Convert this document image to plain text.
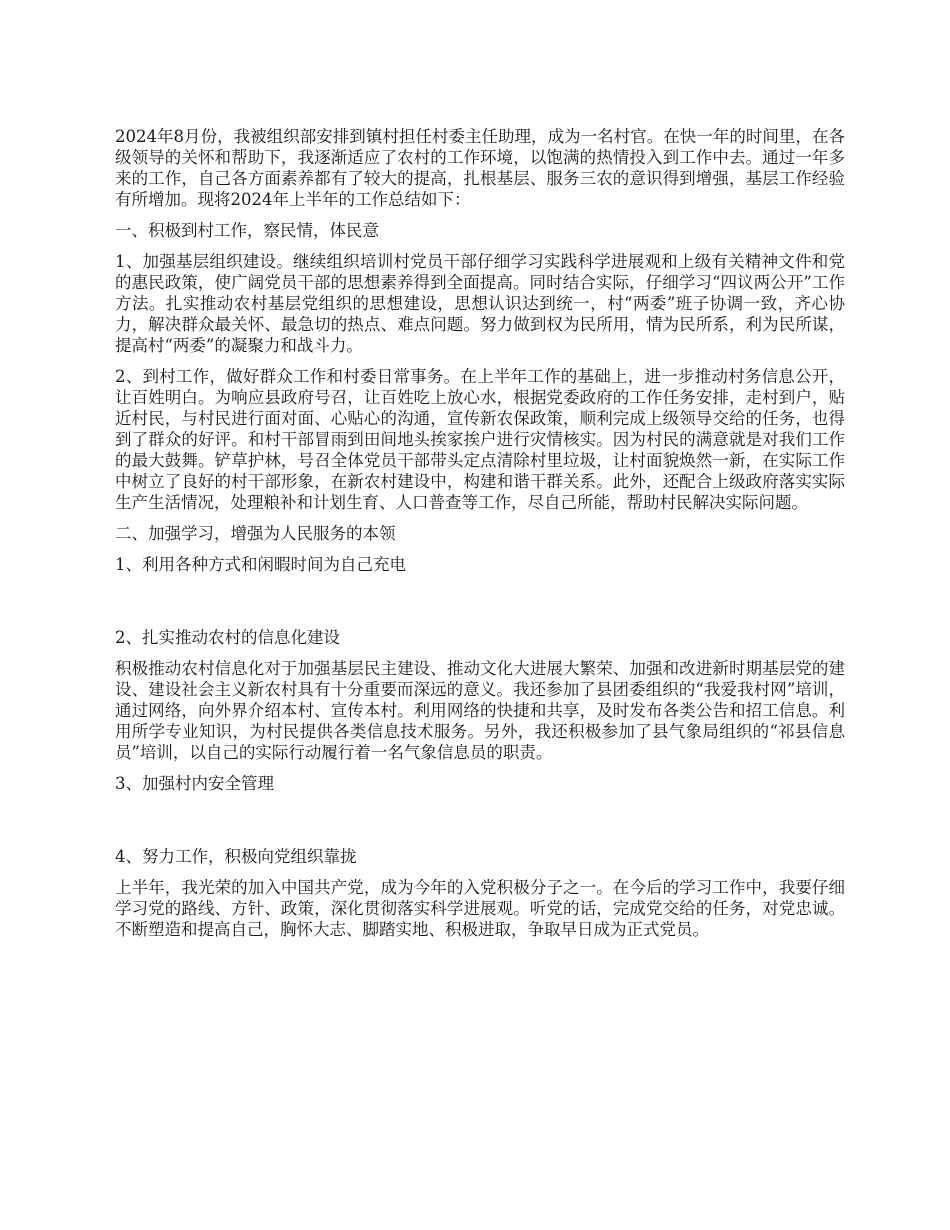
2024年8月份，我被组织部安排到镇村担任村委主任助理，成为一名村官。在快一年的时间里，在各级领导的关怀和帮助下，我逐渐适应了农村的工作环境，以饱满的热情投入到工作中去。通过一年多来的工作，自己各方面素养都有了较大的提高，扎根基层、服务三农的意识得到增强，基层工作经验有所增加。现将2024年上半年的工作总结如下：

一、积极到村工作，察民情，体民意

1、加强基层组织建设。继续组织培训村党员干部仔细学习实践科学进展观和上级有关精神文件和党的惠民政策，使广阔党员干部的思想素养得到全面提高。同时结合实际，仔细学习“四议两公开”工作方法。扎实推动农村基层党组织的思想建设，思想认识达到统一，村“两委”班子协调一致，齐心协力，解决群众最关怀、最急切的热点、难点问题。努力做到权为民所用，情为民所系，利为民所谋，提高村“两委”的凝聚力和战斗力。

2、到村工作，做好群众工作和村委日常事务。在上半年工作的基础上，进一步推动村务信息公开，让百姓明白。为响应县政府号召，让百姓吃上放心水，根据党委政府的工作任务安排，走村到户，贴近村民，与村民进行面对面、心贴心的沟通，宣传新农保政策，顺利完成上级领导交给的任务，也得到了群众的好评。和村干部冒雨到田间地头挨家挨户进行灾情核实。因为村民的满意就是对我们工作的最大鼓舞。铲草护林，号召全体党员干部带头定点清除村里垃圾，让村面貌焕然一新，在实际工作中树立了良好的村干部形象，在新农村建设中，构建和谐干群关系。此外，还配合上级政府落实实际生产生活情况，处理粮补和计划生育、人口普查等工作，尽自己所能，帮助村民解决实际问题。

二、加强学习，增强为人民服务的本领

1、利用各种方式和闲暇时间为自己充电

2、扎实推动农村的信息化建设

积极推动农村信息化对于加强基层民主建设、推动文化大进展大繁荣、加强和改进新时期基层党的建设、建设社会主义新农村具有十分重要而深远的意义。我还参加了县团委组织的“我爱我村网”培训，通过网络，向外界介绍本村、宣传本村。利用网络的快捷和共享，及时发布各类公告和招工信息。利用所学专业知识，为村民提供各类信息技术服务。另外，我还积极参加了县气象局组织的“祁县信息员”培训，以自己的实际行动履行着一名气象信息员的职责。

3、加强村内安全管理

4、努力工作，积极向党组织靠拢

上半年，我光荣的加入中国共产党，成为今年的入党积极分子之一。在今后的学习工作中，我要仔细学习党的路线、方针、政策，深化贯彻落实科学进展观。听党的话，完成党交给的任务，对党忠诚。不断塑造和提高自己，胸怀大志、脚踏实地、积极进取，争取早日成为正式党员。
